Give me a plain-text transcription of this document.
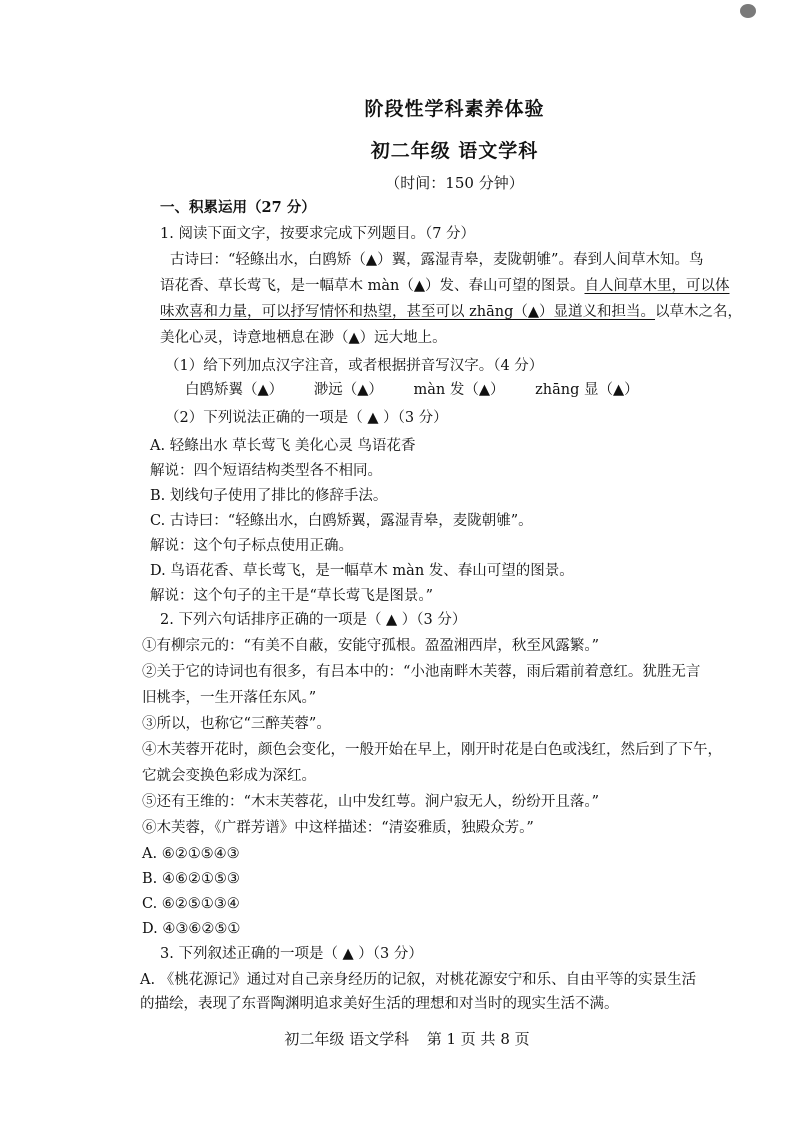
阶段性学科素养体验
初二年级 语文学科
（时间：150 分钟）
一、积累运用（27 分）
1. 阅读下面文字，按要求完成下列题目。（7 分）
古诗曰：“轻鲦出水，白鸥矫（▲）翼，露湿青皋，麦陇朝雊”。春到人间草木知。鸟
语花香、草长莺飞，是一幅草木 màn（▲）发、春山可望的图景。自人间草木里，可以体
味欢喜和力量，可以抒写情怀和热望，甚至可以 zhāng（▲）显道义和担当。以草木之名，
美化心灵，诗意地栖息在渺（▲）远大地上。
（1）给下列加点汉字注音，或者根据拼音写汉字。（4 分）
白鸥矫翼（▲） 渺远（▲） màn 发（▲） zhāng 显（▲）
（2）下列说法正确的一项是（ ▲ ）（3 分）
A. 轻鲦出水 草长莺飞 美化心灵 鸟语花香
解说：四个短语结构类型各不相同。
B. 划线句子使用了排比的修辞手法。
C. 古诗曰：“轻鲦出水，白鸥矫翼，露湿青皋，麦陇朝雊”。
解说：这个句子标点使用正确。
D. 鸟语花香、草长莺飞，是一幅草木 màn 发、春山可望的图景。
解说：这个句子的主干是“草长莺飞是图景。”
2. 下列六句话排序正确的一项是（ ▲ ）（3 分）
①有柳宗元的：“有美不自蔽，安能守孤根。盈盈湘西岸，秋至风露繁。”
②关于它的诗词也有很多，有吕本中的：“小池南畔木芙蓉，雨后霜前着意红。犹胜无言
旧桃李，一生开落任东风。”
③所以，也称它“三醉芙蓉”。
④木芙蓉开花时，颜色会变化，一般开始在早上，刚开时花是白色或浅红，然后到了下午，
它就会变换色彩成为深红。
⑤还有王维的：“木末芙蓉花，山中发红萼。涧户寂无人，纷纷开且落。”
⑥木芙蓉，《广群芳谱》中这样描述：“清姿雅质，独殿众芳。”
A. ⑥②①⑤④③
B. ④⑥②①⑤③
C. ⑥②⑤①③④
D. ④③⑥②⑤①
3. 下列叙述正确的一项是（ ▲ ）（3 分）
A. 《桃花源记》通过对自己亲身经历的记叙，对桃花源安宁和乐、自由平等的实景生活
的描绘，表现了东晋陶渊明追求美好生活的理想和对当时的现实生活不满。
初二年级 语文学科 第 1 页 共 8 页
